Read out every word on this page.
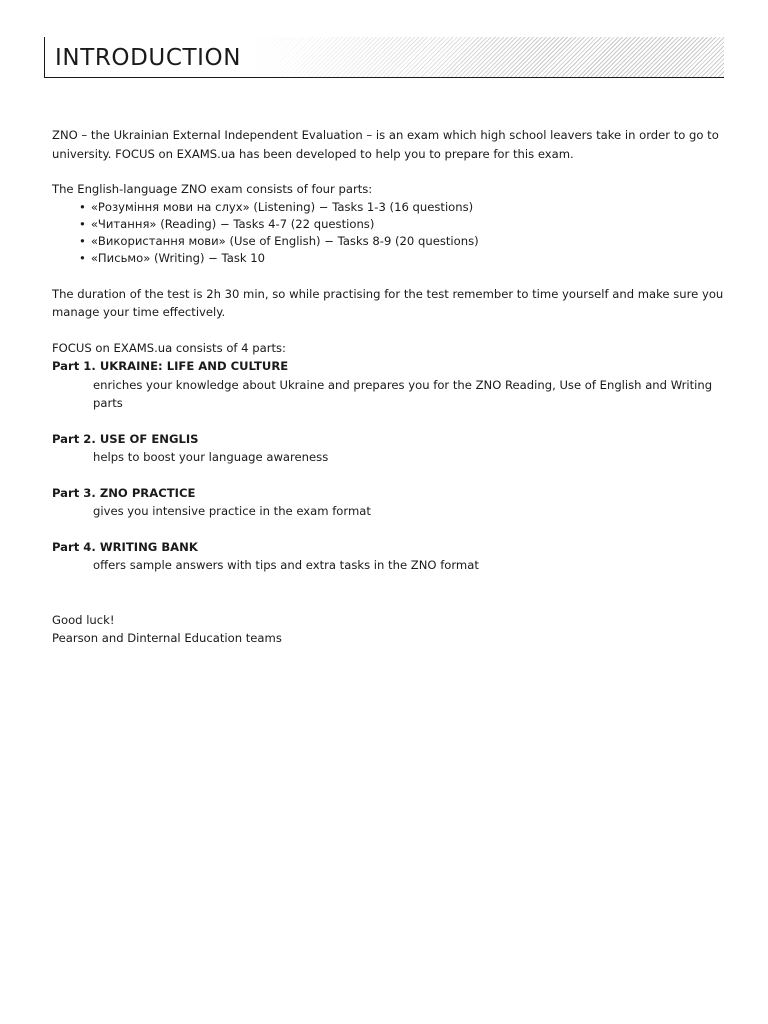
INTRODUCTION

ZNO – the Ukrainian External Independent Evaluation – is an exam which high school leavers take in order to go to university. FOCUS on EXAMS.ua has been developed to help you to prepare for this exam.

The English-language ZNO exam consists of four parts:

• «Розуміння мови на слух» (Listening) − Tasks 1-3 (16 questions)
• «Читання» (Reading) − Tasks 4-7 (22 questions)
• «Використання мови» (Use of English) − Tasks 8-9 (20 questions)
• «Письмо» (Writing) − Task 10

The duration of the test is 2h 30 min, so while practising for the test remember to time yourself and make sure you manage your time effectively.

FOCUS on EXAMS.ua consists of 4 parts:

Part 1. UKRAINE: LIFE AND CULTURE

enriches your knowledge about Ukraine and prepares you for the ZNO Reading, Use of English and Writing parts

Part 2. USE OF ENGLIS

helps to boost your language awareness

Part 3. ZNO PRACTICE

gives you intensive practice in the exam format

Part 4. WRITING BANK

offers sample answers with tips and extra tasks in the ZNO format

Good luck!

Pearson and Dinternal Education teams
